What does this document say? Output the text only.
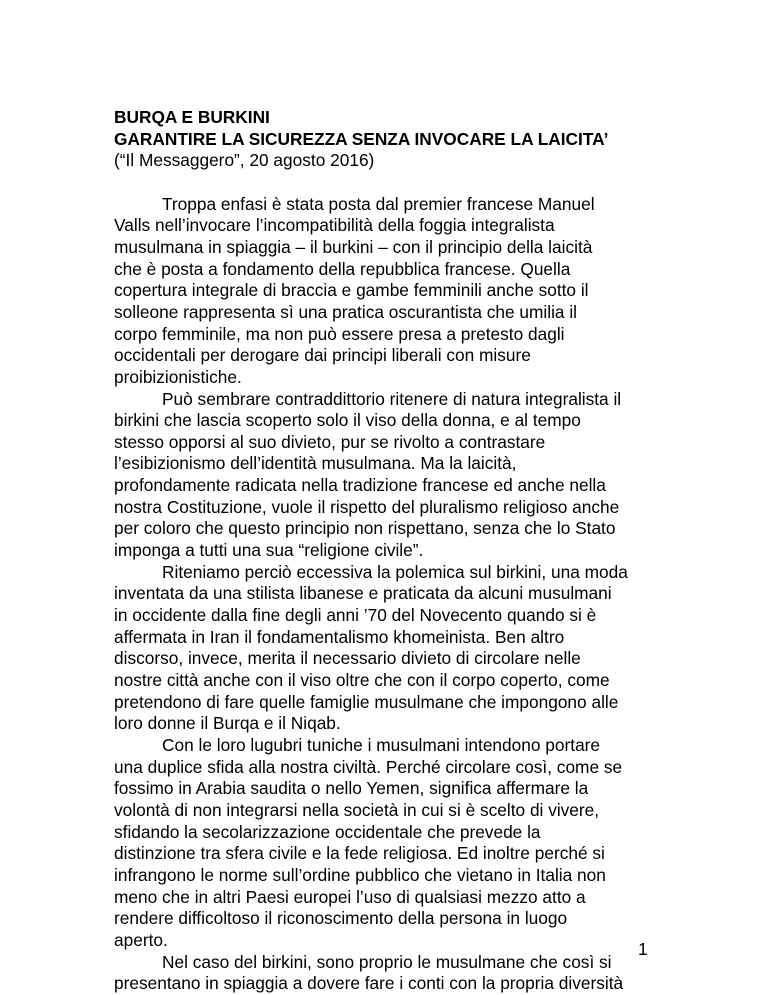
BURQA E BURKINI

GARANTIRE LA SICUREZZA SENZA INVOCARE LA LAICITA’

(“Il Messaggero”, 20 agosto 2016)

Troppa enfasi è stata posta dal premier francese Manuel

Valls nell’invocare l’incompatibilità della foggia integralista

musulmana in spiaggia – il burkini – con il principio della laicità

che è posta a fondamento della repubblica francese. Quella

copertura integrale di braccia e gambe femminili anche sotto il

solleone rappresenta sì una pratica oscurantista che umilia il

corpo femminile, ma non può essere presa a pretesto dagli

occidentali per derogare dai principi liberali con misure

proibizionistiche.

Può sembrare contraddittorio ritenere di natura integralista il

birkini che lascia scoperto solo il viso della donna, e al tempo

stesso opporsi al suo divieto, pur se rivolto a contrastare

l’esibizionismo dell’identità musulmana. Ma la laicità,

profondamente radicata nella tradizione francese ed anche nella

nostra Costituzione, vuole il rispetto del pluralismo religioso anche

per coloro che questo principio non rispettano, senza che lo Stato

imponga a tutti una sua “religione civile”.

Riteniamo perciò eccessiva la polemica sul birkini, una moda

inventata da una stilista libanese e praticata da alcuni musulmani

in occidente dalla fine degli anni ’70 del Novecento quando si è

affermata in Iran il fondamentalismo khomeinista. Ben altro

discorso, invece, merita il necessario divieto di circolare nelle

nostre città anche con il viso oltre che con il corpo coperto, come

pretendono di fare quelle famiglie musulmane che impongono alle

loro donne il Burqa e il Niqab.

Con le loro lugubri tuniche i musulmani intendono portare

una duplice sfida alla nostra civiltà. Perché circolare così, come se

fossimo in Arabia saudita o nello Yemen, significa affermare la

volontà di non integrarsi nella società in cui si è scelto di vivere,

sfidando la secolarizzazione occidentale che prevede la

distinzione tra sfera civile e la fede religiosa. Ed inoltre perché si

infrangono le norme sull’ordine pubblico che vietano in Italia non

meno che in altri Paesi europei l’uso di qualsiasi mezzo atto a

rendere difficoltoso il riconoscimento della persona in luogo

aperto.

Nel caso del birkini, sono proprio le musulmane che così si

presentano in spiaggia a dovere fare i conti con la propria diversità

1
